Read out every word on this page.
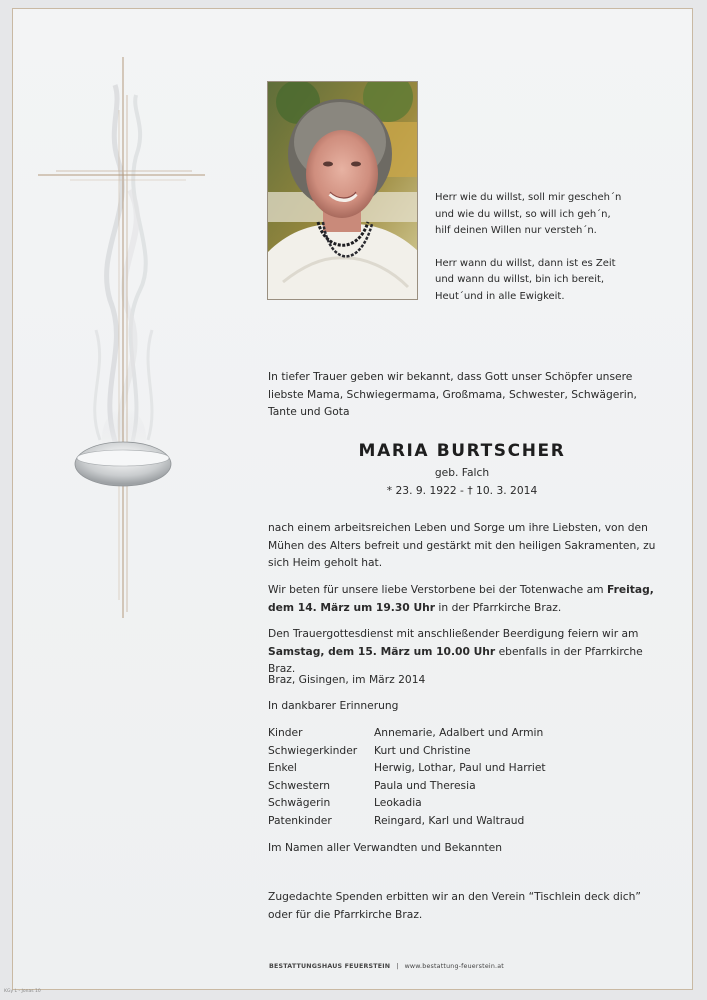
Herr wie du willst, soll mir gescheh´n
und wie du willst, so will ich geh´n,
hilf deinen Willen nur versteh´n.

Herr wann du willst, dann ist es Zeit
und wann du willst, bin ich bereit,
Heut´und in alle Ewigkeit.

In tiefer Trauer geben wir bekannt, dass Gott unser Schöpfer unsere liebste Mama, Schwiegermama, Großmama, Schwester, Schwägerin, Tante und Gota

MARIA BURTSCHER
geb. Falch
* 23. 9. 1922 - † 10. 3. 2014

nach einem arbeitsreichen Leben und Sorge um ihre Liebsten, von den Mühen des Alters befreit und gestärkt mit den heiligen Sakramenten, zu sich Heim geholt hat.

Wir beten für unsere liebe Verstorbene bei der Totenwache am Freitag, dem 14. März um 19.30 Uhr in der Pfarrkirche Braz.

Den Trauergottesdienst mit anschließender Beerdigung feiern wir am Samstag, dem 15. März um 10.00 Uhr ebenfalls in der Pfarrkirche Braz.

Braz, Gisingen, im März 2014

In dankbarer Erinnerung

Kinder	Annemarie, Adalbert und Armin
Schwiegerkinder	Kurt und Christine
Enkel	Herwig, Lothar, Paul und Harriet
Schwestern	Paula und Theresia
Schwägerin	Leokadia
Patenkinder	Reingard, Karl und Waltraud

Im Namen aller Verwandten und Bekannten

Zugedachte Spenden erbitten wir an den Verein “Tischlein deck dich” oder für die Pfarrkirche Braz.

BESTATTUNGSHAUS FEUERSTEIN | www.bestattung-feuerstein.at
KGy L - Jonas 10
